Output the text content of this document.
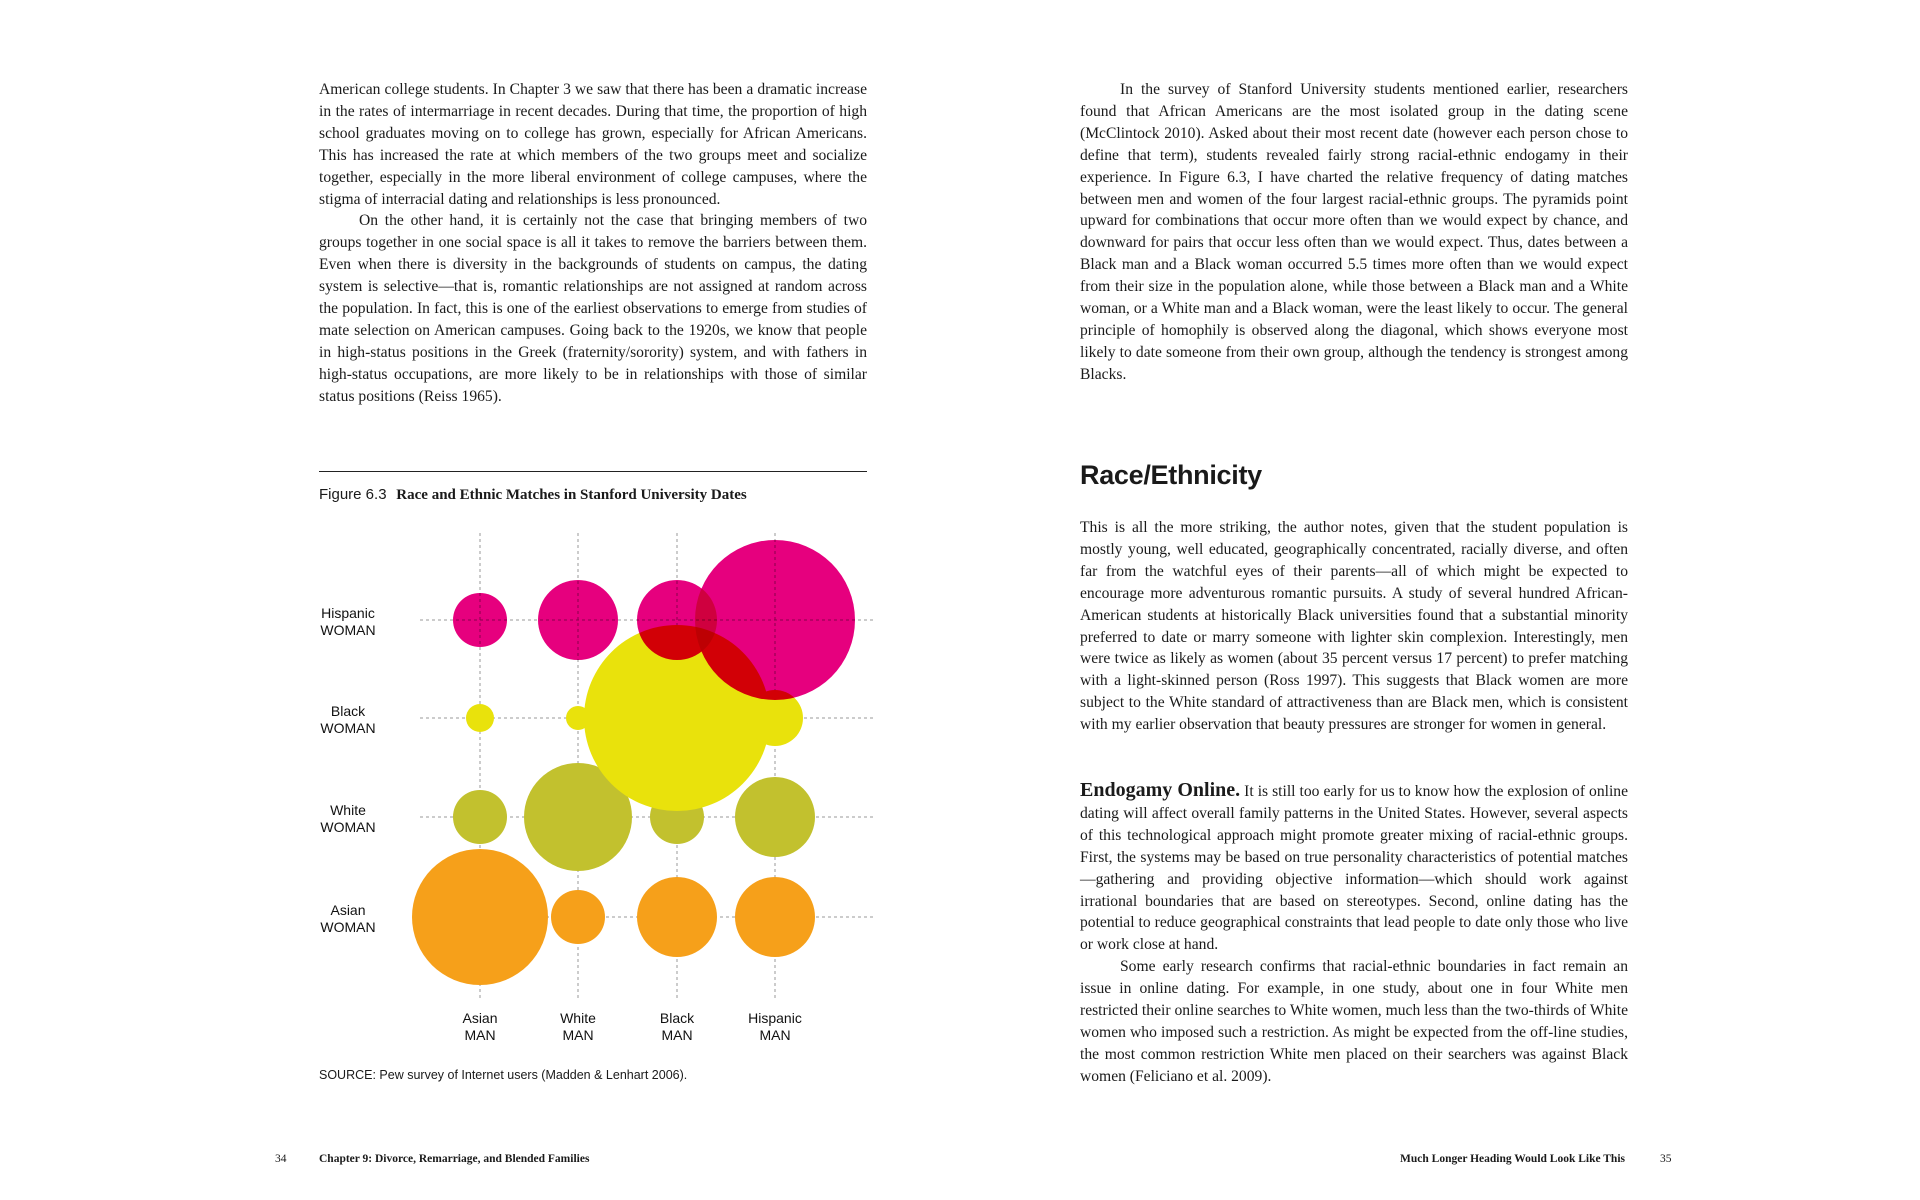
American college students. In Chapter 3 we saw that there has been a dramatic increase in the rates of intermarriage in recent decades. During that time, the proportion of high school graduates moving on to college has grown, especially for African Americans. This has increased the rate at which members of the two groups meet and socialize together, especially in the more liberal environment of college campuses, where the stigma of interracial dating and relationships is less pronounced.

On the other hand, it is certainly not the case that bringing members of two groups together in one social space is all it takes to remove the barriers between them. Even when there is diversity in the backgrounds of students on campus, the dating system is selective—that is, romantic relationships are not assigned at random across the population. In fact, this is one of the earliest observations to emerge from studies of mate selection on American campuses. Going back to the 1920s, we know that people in high-status positions in the Greek (fraternity/sorority) system, and with fathers in high-status occupations, are more likely to be in relationships with those of similar status positions (Reiss 1965).

Figure 6.3 Race and Ethnic Matches in Stanford University Dates
Hispanic WOMAN
Black WOMAN
White WOMAN
Asian WOMAN
Asian MAN
White MAN
Black MAN
Hispanic MAN
SOURCE: Pew survey of Internet users (Madden & Lenhart 2006).

In the survey of Stanford University students mentioned earlier, researchers found that African Americans are the most isolated group in the dating scene (McClintock 2010). Asked about their most recent date (however each person chose to define that term), students revealed fairly strong racial-ethnic endogamy in their experience. In Figure 6.3, I have charted the relative frequency of dating matches between men and women of the four largest racial-ethnic groups. The pyramids point upward for combinations that occur more often than we would expect by chance, and downward for pairs that occur less often than we would expect. Thus, dates between a Black man and a Black woman occurred 5.5 times more often than we would expect from their size in the population alone, while those between a Black man and a White woman, or a White man and a Black woman, were the least likely to occur. The general principle of homophily is observed along the diagonal, which shows everyone most likely to date someone from their own group, although the tendency is strongest among Blacks.

Race/Ethnicity

This is all the more striking, the author notes, given that the student population is mostly young, well educated, geographically concentrated, racially diverse, and often far from the watchful eyes of their parents—all of which might be expected to encourage more adventurous romantic pursuits. A study of several hundred African-American students at historically Black universities found that a substantial minority preferred to date or marry someone with lighter skin complexion. Interestingly, men were twice as likely as women (about 35 percent versus 17 percent) to prefer matching with a light-skinned person (Ross 1997). This suggests that Black women are more subject to the White standard of attractiveness than are Black men, which is consistent with my earlier observation that beauty pressures are stronger for women in general.

Endogamy Online. It is still too early for us to know how the explosion of online dating will affect overall family patterns in the United States. However, several aspects of this technological approach might promote greater mixing of racial-ethnic groups. First, the systems may be based on true personality characteristics of potential matches—gathering and providing objective information—which should work against irrational boundaries that are based on stereotypes. Second, online dating has the potential to reduce geographical constraints that lead people to date only those who live or work close at hand.

Some early research confirms that racial-ethnic boundaries in fact remain an issue in online dating. For example, in one study, about one in four White men restricted their online searches to White women, much less than the two-thirds of White women who imposed such a restriction. As might be expected from the off-line studies, the most common restriction White men placed on their searchers was against Black women (Feliciano et al. 2009).

34	Chapter 9: Divorce, Remarriage, and Blended Families	Much Longer Heading Would Look Like This	35
